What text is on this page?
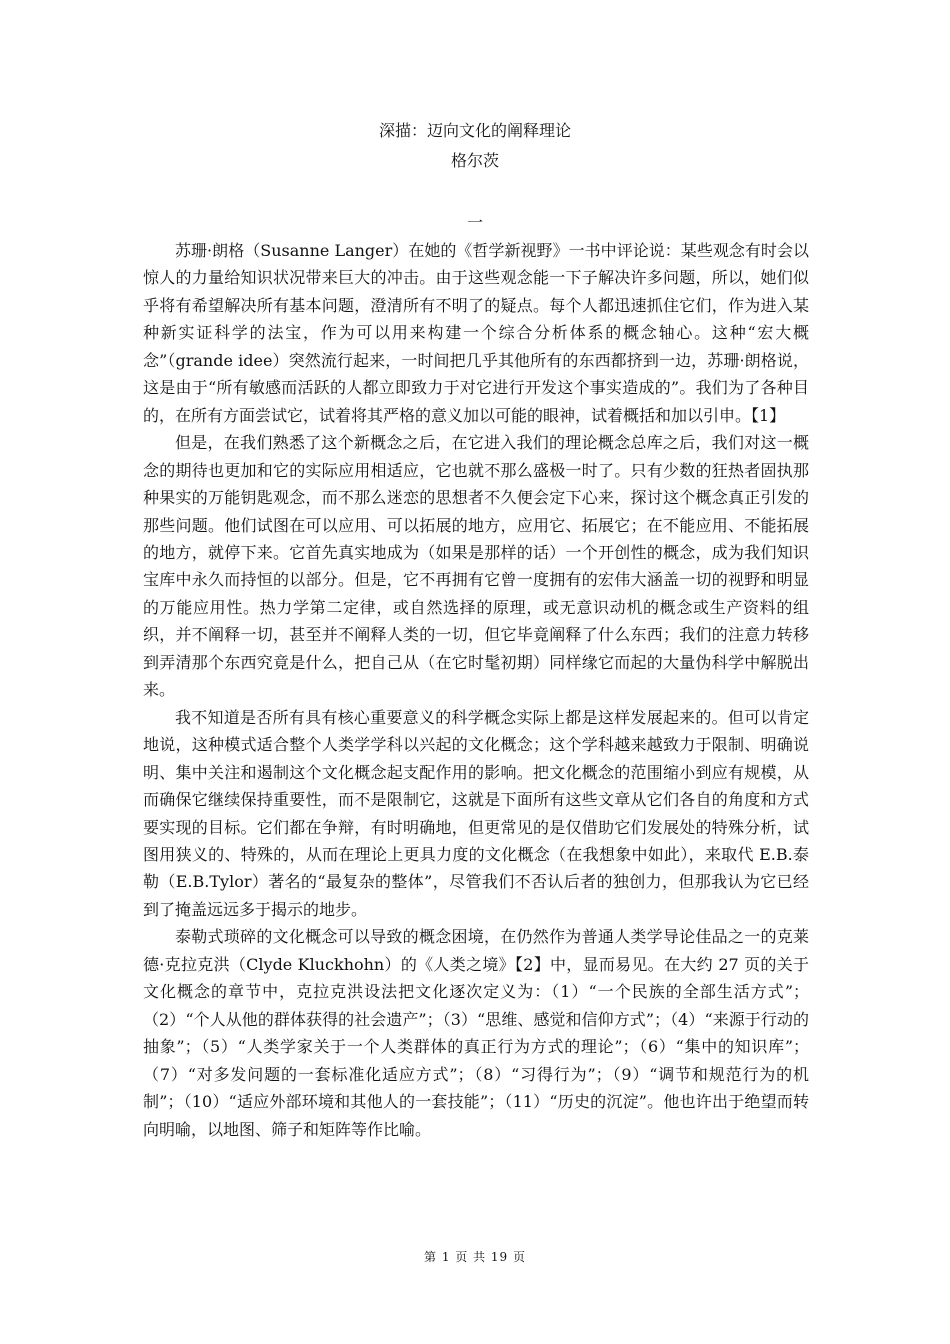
深描：迈向文化的阐释理论
格尔茨
一

苏珊·朗格（Susanne Langer）在她的《哲学新视野》一书中评论说：某些观念有时会以惊人的力量给知识状况带来巨大的冲击。由于这些观念能一下子解决许多问题，所以，她们似乎将有希望解决所有基本问题，澄清所有不明了的疑点。每个人都迅速抓住它们，作为进入某种新实证科学的法宝，作为可以用来构建一个综合分析体系的概念轴心。这种“宏大概念”（grande idee）突然流行起来，一时间把几乎其他所有的东西都挤到一边，苏珊·朗格说，这是由于“所有敏感而活跃的人都立即致力于对它进行开发这个事实造成的”。我们为了各种目的，在所有方面尝试它，试着将其严格的意义加以可能的眼神，试着概括和加以引申。【1】

但是，在我们熟悉了这个新概念之后，在它进入我们的理论概念总库之后，我们对这一概念的期待也更加和它的实际应用相适应，它也就不那么盛极一时了。只有少数的狂热者固执那种果实的万能钥匙观念，而不那么迷恋的思想者不久便会定下心来，探讨这个概念真正引发的那些问题。他们试图在可以应用、可以拓展的地方，应用它、拓展它；在不能应用、不能拓展的地方，就停下来。它首先真实地成为（如果是那样的话）一个开创性的概念，成为我们知识宝库中永久而持恒的以部分。但是，它不再拥有它曾一度拥有的宏伟大涵盖一切的视野和明显的万能应用性。热力学第二定律，或自然选择的原理，或无意识动机的概念或生产资料的组织，并不阐释一切，甚至并不阐释人类的一切，但它毕竟阐释了什么东西；我们的注意力转移到弄清那个东西究竟是什么，把自己从（在它时髦初期）同样缘它而起的大量伪科学中解脱出来。

我不知道是否所有具有核心重要意义的科学概念实际上都是这样发展起来的。但可以肯定地说，这种模式适合整个人类学学科以兴起的文化概念；这个学科越来越致力于限制、明确说明、集中关注和遏制这个文化概念起支配作用的影响。把文化概念的范围缩小到应有规模，从而确保它继续保持重要性，而不是限制它，这就是下面所有这些文章从它们各自的角度和方式要实现的目标。它们都在争辩，有时明确地，但更常见的是仅借助它们发展处的特殊分析，试图用狭义的、特殊的，从而在理论上更具力度的文化概念（在我想象中如此），来取代 E.B.泰勒（E.B.Tylor）著名的“最复杂的整体”，尽管我们不否认后者的独创力，但那我认为它已经到了掩盖远远多于揭示的地步。

泰勒式琐碎的文化概念可以导致的概念困境，在仍然作为普通人类学导论佳品之一的克莱德·克拉克洪（Clyde Kluckhohn）的《人类之境》【2】中，显而易见。在大约 27 页的关于文化概念的章节中，克拉克洪设法把文化逐次定义为：（1）“一个民族的全部生活方式”；（2）“个人从他的群体获得的社会遗产”；（3）“思维、感觉和信仰方式”；（4）“来源于行动的抽象”；（5）“人类学家关于一个人类群体的真正行为方式的理论”；（6）“集中的知识库”；（7）“对多发问题的一套标准化适应方式”；（8）“习得行为”；（9）“调节和规范行为的机制”；（10）“适应外部环境和其他人的一套技能”；（11）“历史的沉淀”。他也许出于绝望而转向明喻，以地图、筛子和矩阵等作比喻。

第 1 页 共 19 页
